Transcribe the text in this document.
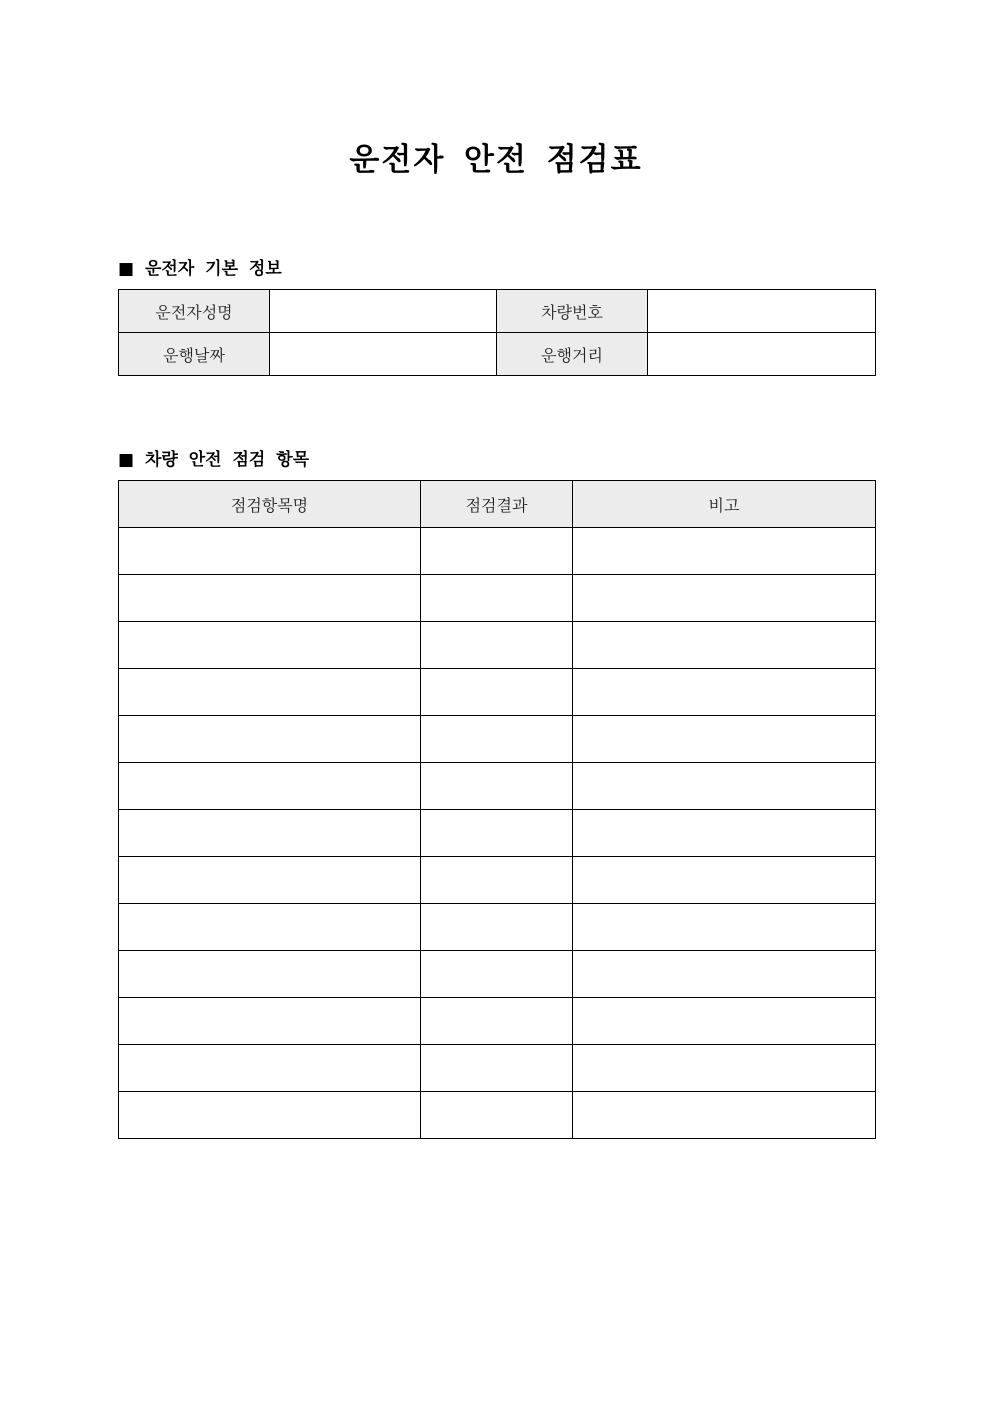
운전자 안전 점검표
■ 운전자 기본 정보
운전자성명		차량번호	
운행날짜		운행거리	
■ 차량 안전 점검 항목
점검항목명	점검결과	비고
